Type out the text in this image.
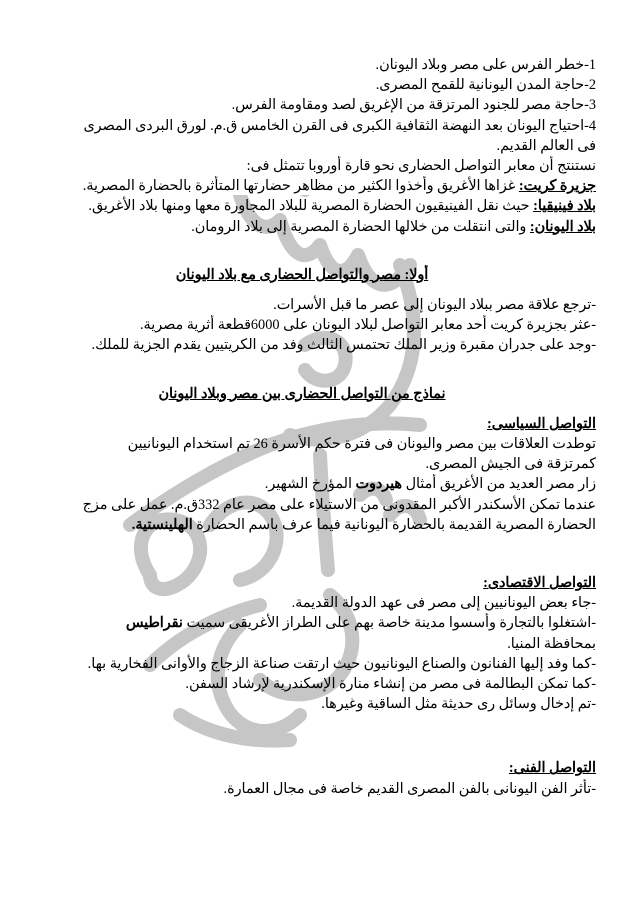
1-خطر الفرس على مصر وبلاد اليونان.
2-حاجة المدن اليونانية للقمح المصرى.
3-حاجة مصر للجنود المرتزقة من الإغريق لصد ومقاومة الفرس.
4-احتياج اليونان بعد النهضة الثقافية الكبرى فى القرن الخامس ق.م. لورق البردى المصرى
فى العالم القديم.
نستنتج أن معابر التواصل الحضارى نحو قارة أوروبا تتمثل فى:
جزيرة كريت: غزاها الأغريق وأخذوا الكثير من مظاهر حضارتها المتأثرة بالحضارة المصرية.
بلاد فينيقيا: حيث نقل الفينيقيون الحضارة المصرية للبلاد المجاورة معها ومنها بلاد الأغريق.
بلاد اليونان: والتى انتقلت من خلالها الحضارة المصرية إلى بلاد الرومان.
أولا: مصر والتواصل الحضارى مع بلاد اليونان
-ترجع علاقة مصر ببلاد اليونان إلى عصر ما قبل الأسرات.
-عثر بجزيرة كريت أحد معابر التواصل لبلاد اليونان على 6000قطعة أثرية مصرية.
-وجد على جدران مقبرة وزير الملك تحتمس الثالث وفد من الكريتيين يقدم الجزية للملك.
نماذج من التواصل الحضارى بين مصر وبلاد اليونان
التواصل السياسى:
توطدت العلاقات بين مصر واليونان فى فترة حكم الأسرة 26 تم استخدام اليونانيين
كمرتزقة فى الجيش المصرى.
زار مصر العديد من الأغريق أمثال هيردوت المؤرخ الشهير.
عندما تمكن الأسكندر الأكبر المقدونى من الاستيلاء على مصر عام 332ق.م. عمل على مزج
الحضارة المصرية القديمة بالحضارة اليونانية فيما عرف باسم الحضارة الهلينستية.
التواصل الاقتصادى:
-جاء بعض اليونانيين إلى مصر فى عهد الدولة القديمة.
-اشتغلوا بالتجارة وأسسوا مدينة خاصة بهم على الطراز الأغريقى سميت نقراطيس
بمحافظة المنيا.
-كما وفد إليها الفنانون والصناع اليونانيون حيث ارتقت صناعة الزجاج والأوانى الفخارية بها.
-كما تمكن البطالمة فى مصر من إنشاء منارة الإسكندرية لإرشاد السفن.
-تم إدخال وسائل رى حديثة مثل الساقية وغيرها.
التواصل الفنى:
-تأثر الفن اليونانى بالفن المصرى القديم خاصة فى مجال العمارة.
